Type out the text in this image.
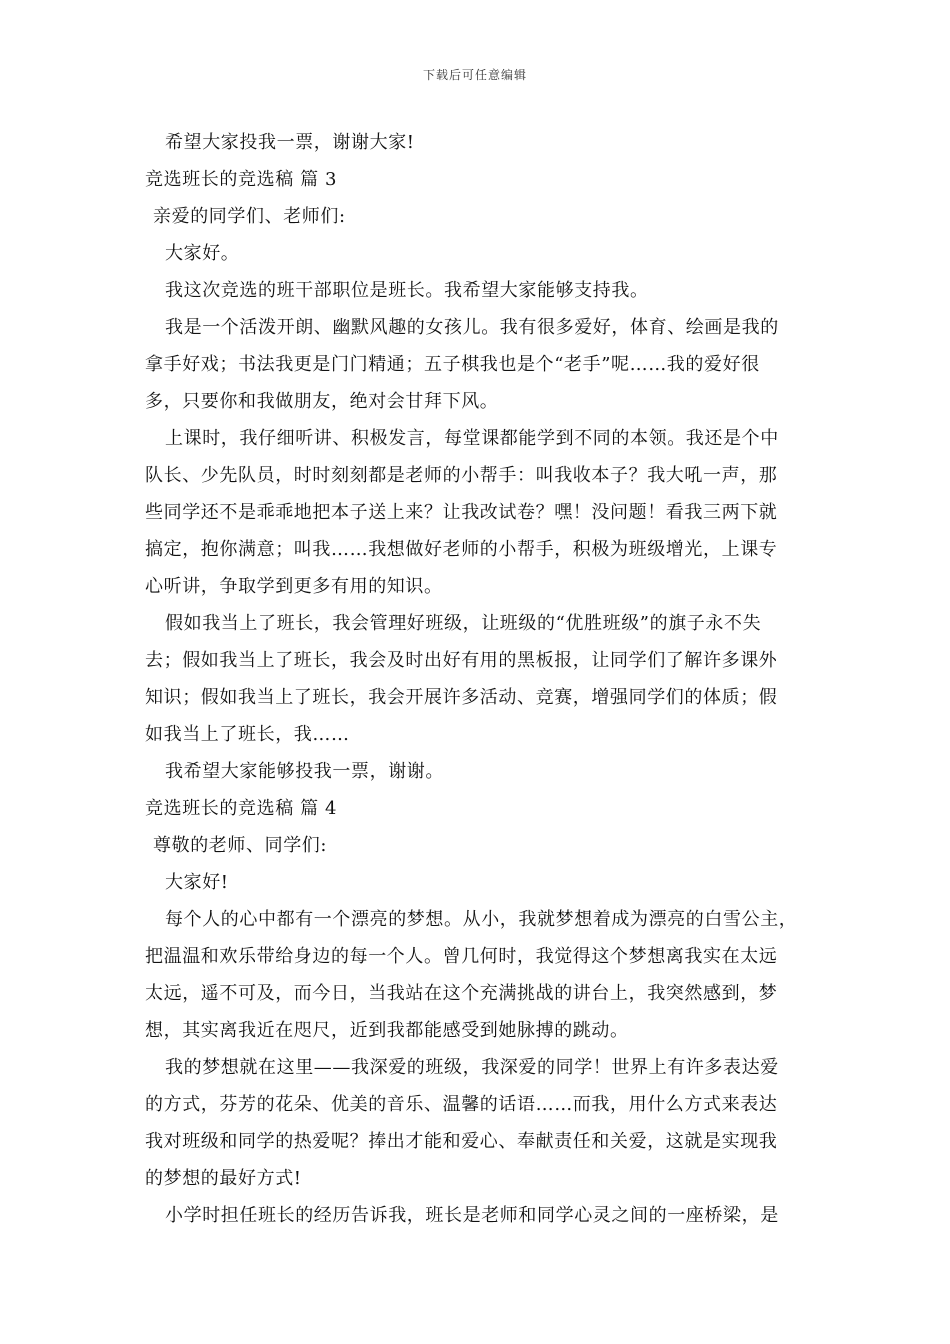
下载后可任意编辑
希望大家投我一票，谢谢大家!
竞选班长的竞选稿 篇 3
亲爱的同学们、老师们:
大家好。
我这次竞选的班干部职位是班长。我希望大家能够支持我。
我是一个活泼开朗、幽默风趣的女孩儿。我有很多爱好，体育、绘画是我的
拿手好戏；书法我更是门门精通；五子棋我也是个“老手”呢……我的爱好很
多，只要你和我做朋友，绝对会甘拜下风。
上课时，我仔细听讲、积极发言，每堂课都能学到不同的本领。我还是个中
队长、少先队员，时时刻刻都是老师的小帮手：叫我收本子？我大吼一声，那
些同学还不是乖乖地把本子送上来？让我改试卷？嘿！没问题！看我三两下就
搞定，抱你满意；叫我……我想做好老师的小帮手，积极为班级增光，上课专
心听讲，争取学到更多有用的知识。
假如我当上了班长，我会管理好班级，让班级的“优胜班级”的旗子永不失
去；假如我当上了班长，我会及时出好有用的黑板报，让同学们了解许多课外
知识；假如我当上了班长，我会开展许多活动、竞赛，增强同学们的体质；假
如我当上了班长，我……
我希望大家能够投我一票，谢谢。
竞选班长的竞选稿 篇 4
尊敬的老师、同学们:
大家好!
每个人的心中都有一个漂亮的梦想。从小，我就梦想着成为漂亮的白雪公主，
把温温和欢乐带给身边的每一个人。曾几何时，我觉得这个梦想离我实在太远
太远，遥不可及，而今日，当我站在这个充满挑战的讲台上，我突然感到，梦
想，其实离我近在咫尺，近到我都能感受到她脉搏的跳动。
我的梦想就在这里——我深爱的班级，我深爱的同学！世界上有许多表达爱
的方式，芬芳的花朵、优美的音乐、温馨的话语……而我，用什么方式来表达
我对班级和同学的热爱呢？捧出才能和爱心、奉献责任和关爱，这就是实现我
的梦想的最好方式!
小学时担任班长的经历告诉我，班长是老师和同学心灵之间的一座桥梁，是
